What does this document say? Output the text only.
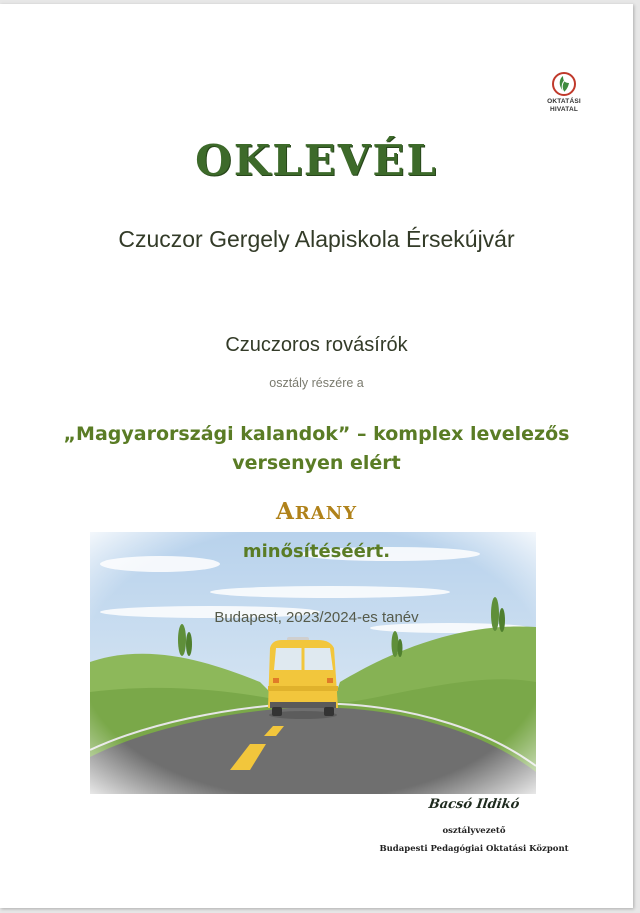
OKTATÁSI
HIVATAL
OKLEVÉL
Czuczor Gergely Alapiskola Érsekújvár
Czuczoros rovásírók
osztály részére a
„Magyarországi kalandok” – komplex levelezős
versenyen elért
ARANY
minősítéséért.
Budapest, 2023/2024-es tanév
Bacsó Ildikó
osztályvezető
Budapesti Pedagógiai Oktatási Központ
